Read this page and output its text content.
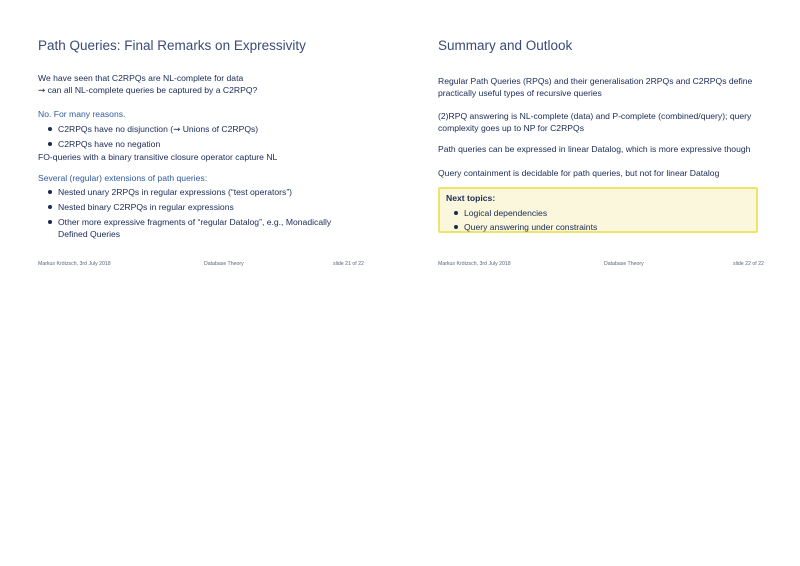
Path Queries: Final Remarks on Expressivity

We have seen that C2RPQs are NL-complete for data

⇝ can all NL-complete queries be captured by a C2RPQ?

No. For many reasons.

C2RPQs have no disjunction (⇝ Unions of C2RPQs)
C2RPQs have no negation

FO-queries with a binary transitive closure operator capture NL

Several (regular) extensions of path queries:

Nested unary 2RPQs in regular expressions (“test operators”)
Nested binary C2RPQs in regular expressions
Other more expressive fragments of “regular Datalog”, e.g., Monadically Defined Queries
Markus Krötzsch, 3rd July 2018	Database Theory	slide 21 of 22
Summary and Outlook

Regular Path Queries (RPQs) and their generalisation 2RPQs and C2RPQs define practically useful types of recursive queries

(2)RPQ answering is NL-complete (data) and P-complete (combined/query); query complexity goes up to NP for C2RPQs

Path queries can be expressed in linear Datalog, which is more expressive though

Query containment is decidable for path queries, but not for linear Datalog

Next topics:
Logical dependencies
Query answering under constraints
Markus Krötzsch, 3rd July 2018	Database Theory	slide 22 of 22
